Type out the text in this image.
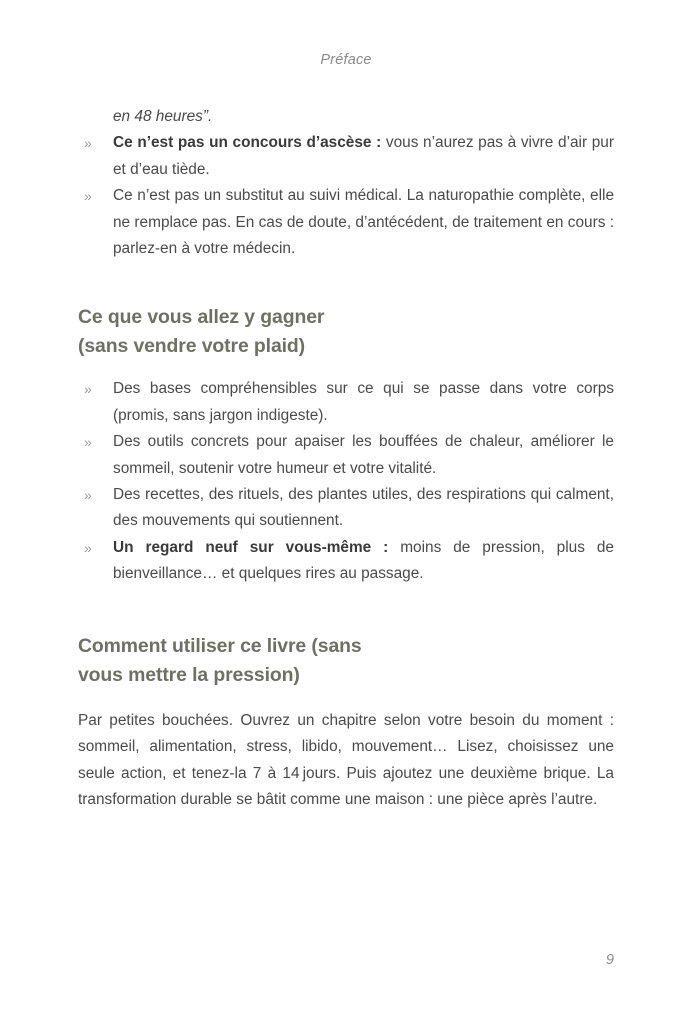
Préface

en 48 heures”.

» Ce n’est pas un concours d’ascèse : vous n’aurez pas à vivre d’air pur et d’eau tiède.
» Ce n’est pas un substitut au suivi médical. La naturopathie complète, elle ne remplace pas. En cas de doute, d’antécédent, de traitement en cours : parlez-en à votre médecin.
Ce que vous allez y gagner
(sans vendre votre plaid)
» Des bases compréhensibles sur ce qui se passe dans votre corps (promis, sans jargon indigeste).
» Des outils concrets pour apaiser les bouffées de chaleur, améliorer le sommeil, soutenir votre humeur et votre vitalité.
» Des recettes, des rituels, des plantes utiles, des respirations qui calment, des mouvements qui soutiennent.
» Un regard neuf sur vous-même : moins de pression, plus de bienveillance… et quelques rires au passage.
Comment utiliser ce livre (sans
vous mettre la pression)

Par petites bouchées. Ouvrez un chapitre selon votre besoin du moment : sommeil, alimentation, stress, libido, mouvement… Lisez, choisissez une seule action, et tenez-la 7 à 14 jours. Puis ajoutez une deuxième brique. La transformation durable se bâtit comme une maison : une pièce après l’autre.

9
